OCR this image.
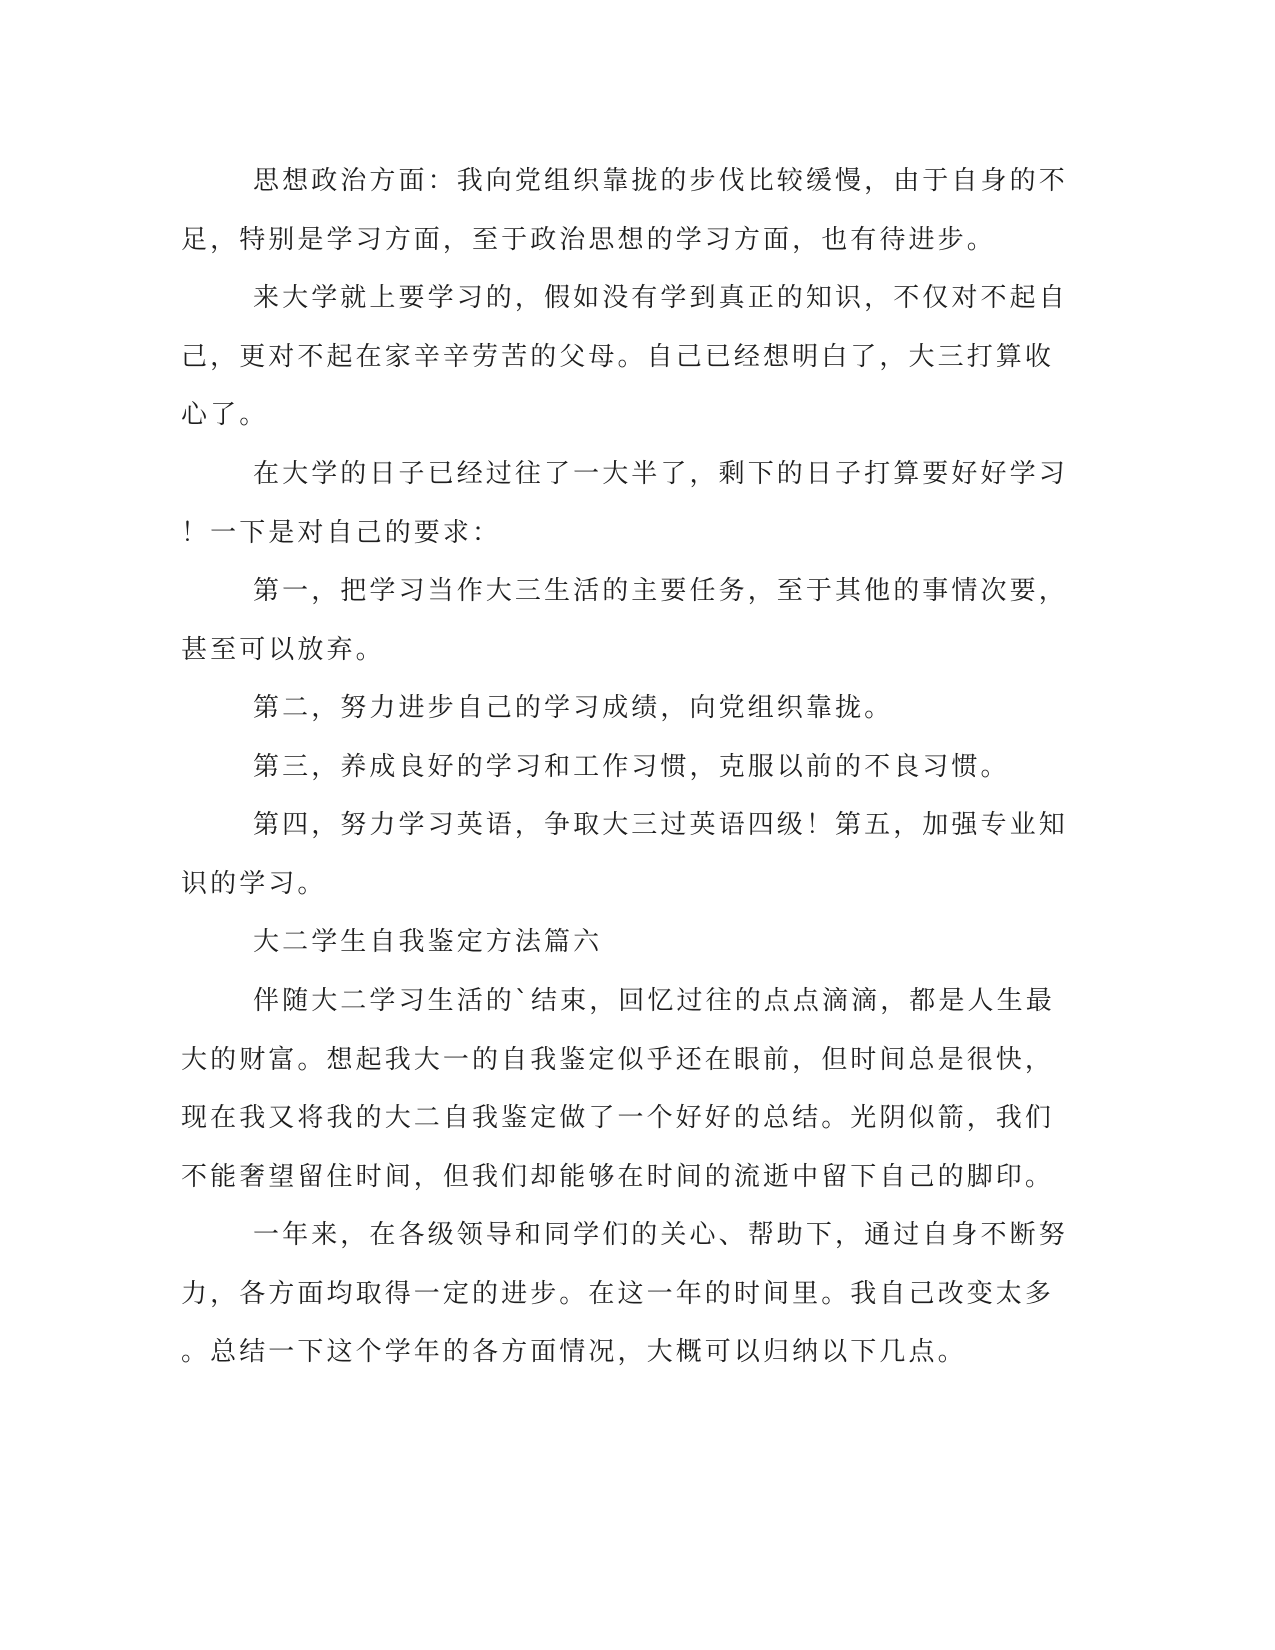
思想政治方面：我向党组织靠拢的步伐比较缓慢，由于自身的不
足，特别是学习方面，至于政治思想的学习方面，也有待进步。

来大学就上要学习的，假如没有学到真正的知识，不仅对不起自
己，更对不起在家辛辛劳苦的父母。自己已经想明白了，大三打算收
心了。

在大学的日子已经过往了一大半了，剩下的日子打算要好好学习
！一下是对自己的要求：

第一，把学习当作大三生活的主要任务，至于其他的事情次要，
甚至可以放弃。

第二，努力进步自己的学习成绩，向党组织靠拢。

第三，养成良好的学习和工作习惯，克服以前的不良习惯。

第四，努力学习英语，争取大三过英语四级！第五，加强专业知
识的学习。

大二学生自我鉴定方法篇六

伴随大二学习生活的`结束，回忆过往的点点滴滴，都是人生最
大的财富。想起我大一的自我鉴定似乎还在眼前，但时间总是很快，
现在我又将我的大二自我鉴定做了一个好好的总结。光阴似箭，我们
不能奢望留住时间，但我们却能够在时间的流逝中留下自己的脚印。

一年来，在各级领导和同学们的关心、帮助下，通过自身不断努
力，各方面均取得一定的进步。在这一年的时间里。我自己改变太多
。总结一下这个学年的各方面情况，大概可以归纳以下几点。
